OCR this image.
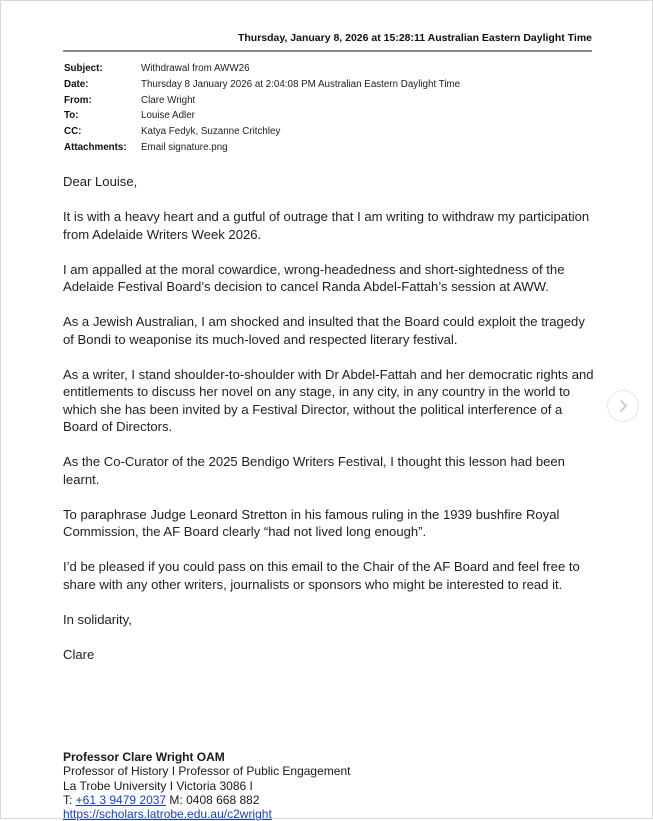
Thursday, January 8, 2026 at 15:28:11 Australian Eastern Daylight Time
Subject:	Withdrawal from AWW26
Date:	Thursday 8 January 2026 at 2:04:08 PM Australian Eastern Daylight Time
From:	Clare Wright
To:	Louise Adler
CC:	Katya Fedyk, Suzanne Critchley
Attachments:	Email signature.png

Dear Louise,

It is with a heavy heart and a gutful of outrage that I am writing to withdraw my participation from Adelaide Writers Week 2026.

I am appalled at the moral cowardice, wrong-headedness and short-sightedness of the Adelaide Festival Board’s decision to cancel Randa Abdel-Fattah’s session at AWW.

As a Jewish Australian, I am shocked and insulted that the Board could exploit the tragedy of Bondi to weaponise its much-loved and respected literary festival.

As a writer, I stand shoulder-to-shoulder with Dr Abdel-Fattah and her democratic rights and entitlements to discuss her novel on any stage, in any city, in any country in the world to which she has been invited by a Festival Director, without the political interference of a Board of Directors.

As the Co-Curator of the 2025 Bendigo Writers Festival, I thought this lesson had been learnt.

To paraphrase Judge Leonard Stretton in his famous ruling in the 1939 bushfire Royal Commission, the AF Board clearly “had not lived long enough”.

I’d be pleased if you could pass on this email to the Chair of the AF Board and feel free to share with any other writers, journalists or sponsors who might be interested to read it.

In solidarity,

Clare

Professor Clare Wright OAM
Professor of History I Professor of Public Engagement
La Trobe University I Victoria 3086 I
T: +61 3 9479 2037 M: 0408 668 882
https://scholars.latrobe.edu.au/c2wright
